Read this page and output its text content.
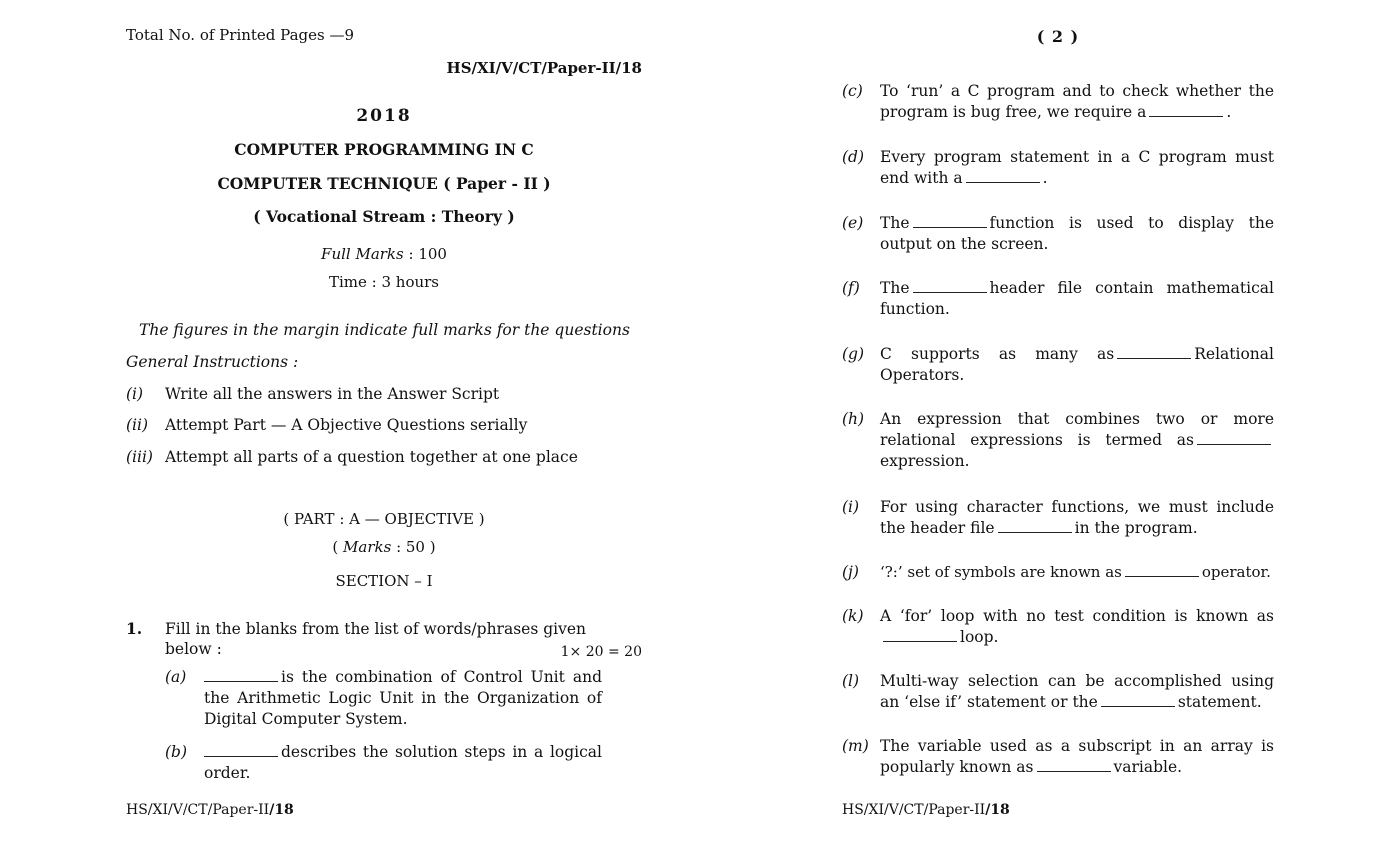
Total No. of Printed Pages —9
HS/XI/V/CT/Paper-II/18
2018
COMPUTER PROGRAMMING IN C
COMPUTER TECHNIQUE ( Paper - II )
( Vocational Stream : Theory )
Full Marks : 100
Time : 3 hours
The figures in the margin indicate full marks for the questions
General Instructions :
(i) Write all the answers in the Answer Script
(ii) Attempt Part — A Objective Questions serially
(iii) Attempt all parts of a question together at one place
( PART : A — OBJECTIVE )
( Marks : 50 )
SECTION – I
1. Fill in the blanks from the list of words/phrases given below :	1× 20 = 20
(a)	is the combination of Control Unit and the Arithmetic Logic Unit in the Organization of Digital Computer System.
(b)	describes the solution steps in a logical order.
HS/XI/V/CT/Paper-II/18
( 2 )
(c) To ‘run’ a C program and to check whether the program is bug free, we require a	.
(d) Every program statement in a C program must end with a	.
(e) The	function is used to display the output on the screen.
(f) The	header file contain mathematical function.
(g) C supports as many as	Relational Operators.
(h) An expression that combines two or more relational expressions is termed asexpression.
(i) For using character functions, we must include the header file	in the program.
(j) ‘?:’ set of symbols are known as	operator.
(k) A ‘for’ loop with no test condition is known asloop.
(l) Multi-way selection can be accomplished using an ‘else if’ statement or the	statement.
(m) The variable used as a subscript in an array is popularly known as	variable.
HS/XI/V/CT/Paper-II/18
